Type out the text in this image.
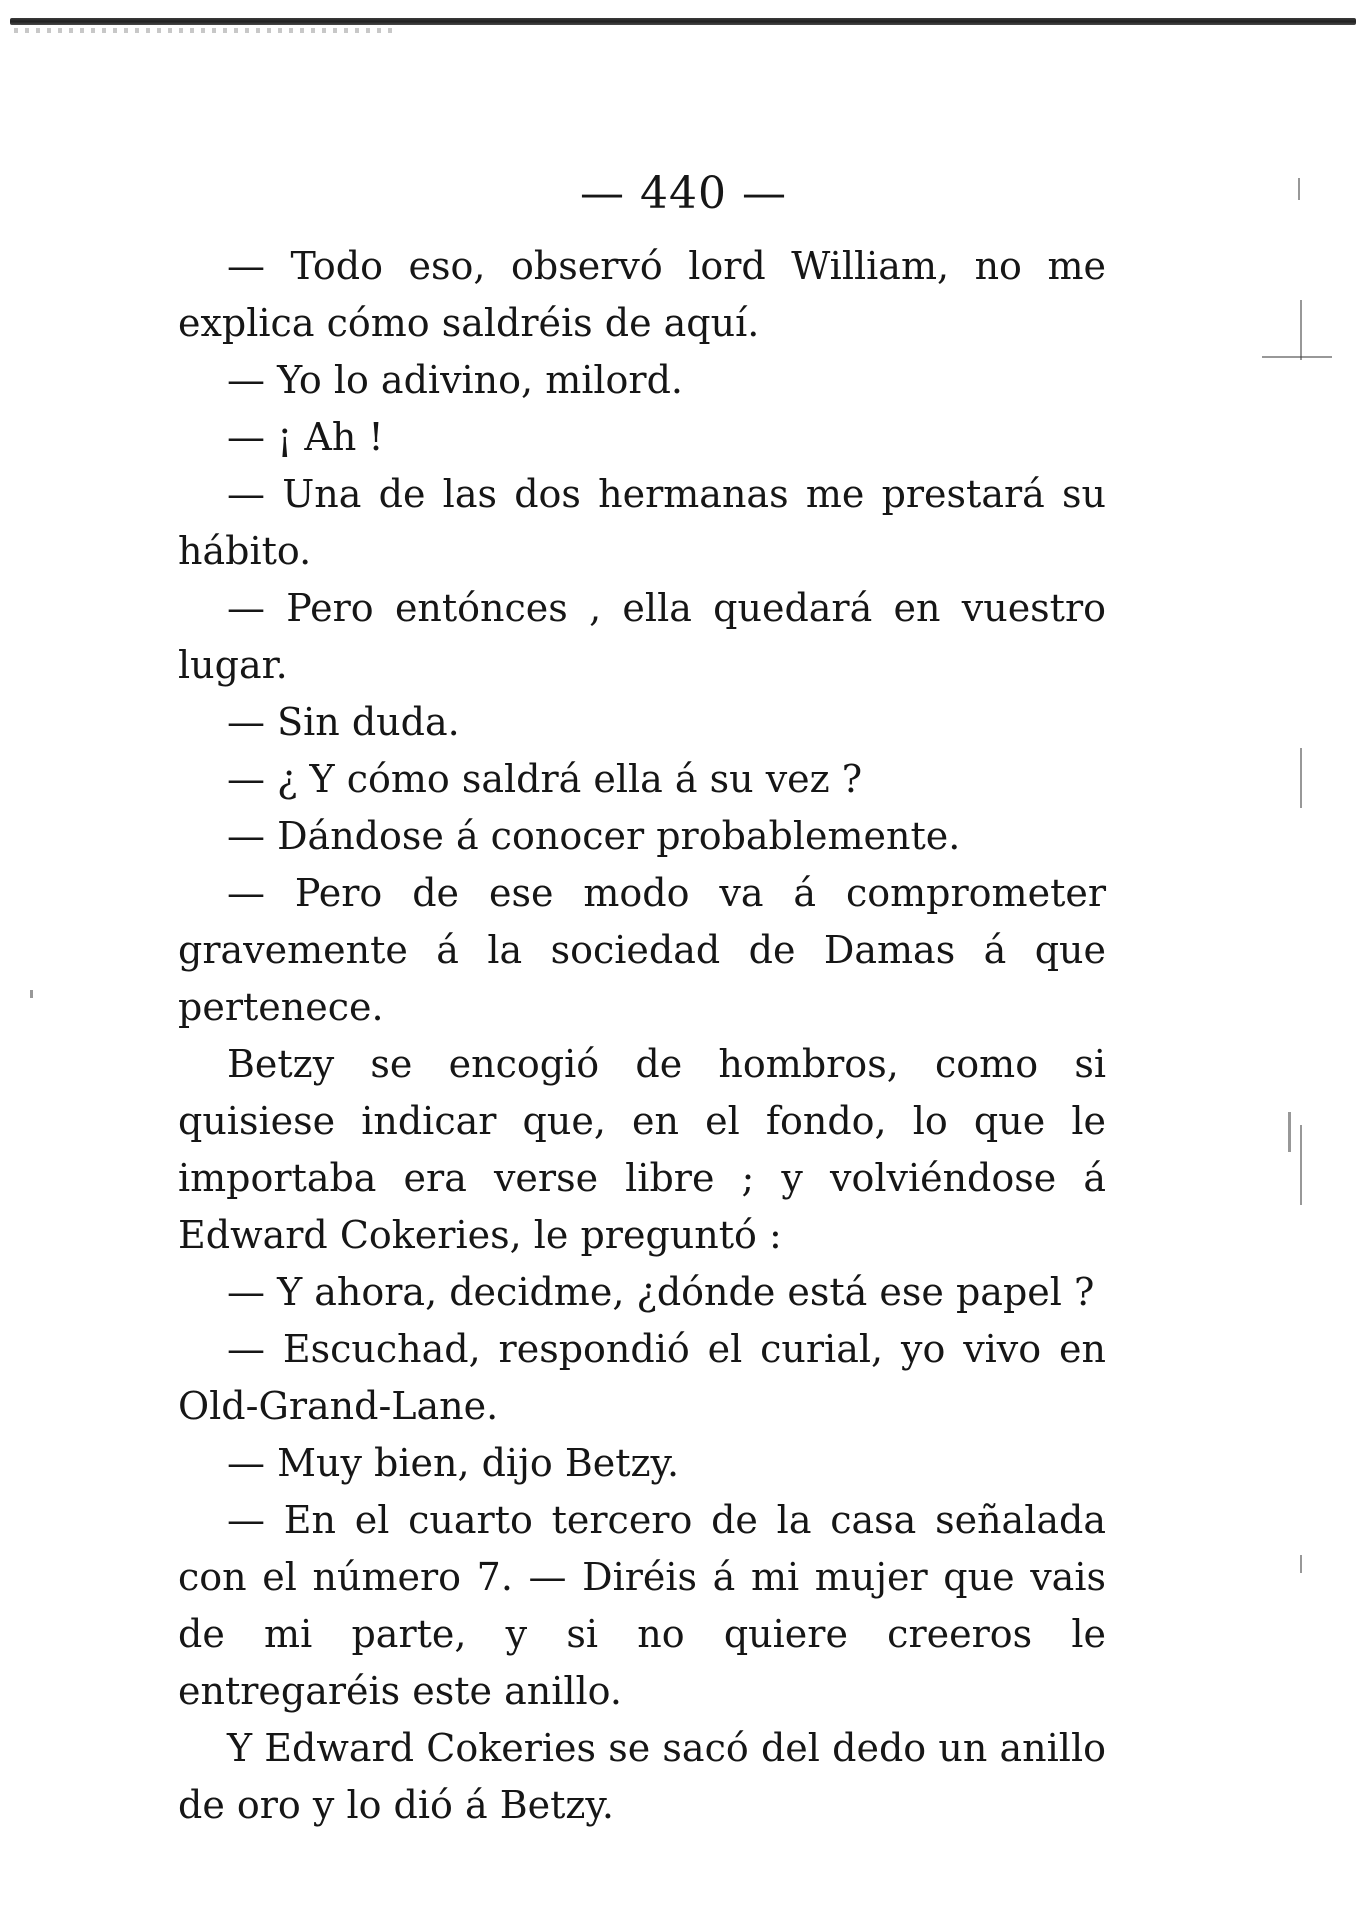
— 440 —

— Todo eso, observó lord William, no me explica cómo saldréis de aquí.

— Yo lo adivino, milord.

— ¡ Ah !

— Una de las dos hermanas me prestará su hábito.

— Pero entónces , ella quedará en vuestro lugar.

— Sin duda.

— ¿ Y cómo saldrá ella á su vez ?

— Dándose á conocer probablemente.

— Pero de ese modo va á comprometer gravemente á la sociedad de Damas á que pertenece.

Betzy se encogió de hombros, como si quisiese indicar que, en el fondo, lo que le importaba era verse libre ; y volviéndose á Edward Cokeries, le preguntó :

— Y ahora, decidme, ¿dónde está ese papel ?

— Escuchad, respondió el curial, yo vivo en Old-Grand-Lane.

— Muy bien, dijo Betzy.

— En el cuarto tercero de la casa señalada con el número 7. — Diréis á mi mujer que vais de mi parte, y si no quiere creeros le entregaréis este anillo.

Y Edward Cokeries se sacó del dedo un anillo de oro y lo dió á Betzy.
